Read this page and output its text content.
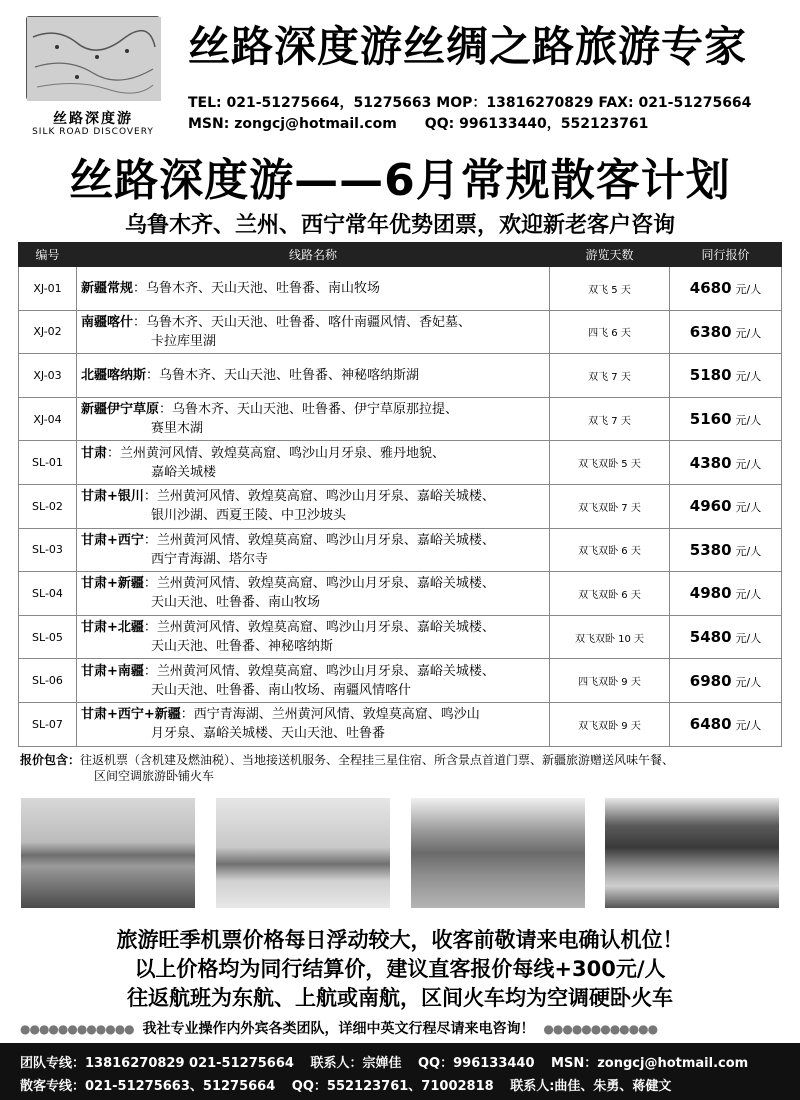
丝路深度游
SILK ROAD DISCOVERY
丝路深度游丝绸之路旅游专家
TEL: 021-51275664，51275663 MOP：13816270829 FAX: 021-51275664
MSN: zongcj@hotmail.com QQ: 996133440，552123761
丝路深度游——6月常规散客计划
乌鲁木齐、兰州、西宁常年优势团票，欢迎新老客户咨询
编号	线路名称	游览天数	同行报价
XJ-01	新疆常规：乌鲁木齐、天山天池、吐鲁番、南山牧场	双飞 5 天	4680 元/人
XJ-02	南疆喀什：乌鲁木齐、天山天池、吐鲁番、喀什南疆风情、香妃墓、
卡拉库里湖	四飞 6 天	6380 元/人
XJ-03	北疆喀纳斯：乌鲁木齐、天山天池、吐鲁番、神秘喀纳斯湖	双飞 7 天	5180 元/人
XJ-04	新疆伊宁草原：乌鲁木齐、天山天池、吐鲁番、伊宁草原那拉提、
赛里木湖	双飞 7 天	5160 元/人
SL-01	甘肃：兰州黄河风情、敦煌莫高窟、鸣沙山月牙泉、雅丹地貌、
嘉峪关城楼	双飞双卧 5 天	4380 元/人
SL-02	甘肃+银川：兰州黄河风情、敦煌莫高窟、鸣沙山月牙泉、嘉峪关城楼、
银川沙湖、西夏王陵、中卫沙坡头	双飞双卧 7 天	4960 元/人
SL-03	甘肃+西宁：兰州黄河风情、敦煌莫高窟、鸣沙山月牙泉、嘉峪关城楼、
西宁青海湖、塔尔寺	双飞双卧 6 天	5380 元/人
SL-04	甘肃+新疆：兰州黄河风情、敦煌莫高窟、鸣沙山月牙泉、嘉峪关城楼、
天山天池、吐鲁番、南山牧场	双飞双卧 6 天	4980 元/人
SL-05	甘肃+北疆：兰州黄河风情、敦煌莫高窟、鸣沙山月牙泉、嘉峪关城楼、
天山天池、吐鲁番、神秘喀纳斯	双飞双卧 10 天	5480 元/人
SL-06	甘肃+南疆：兰州黄河风情、敦煌莫高窟、鸣沙山月牙泉、嘉峪关城楼、
天山天池、吐鲁番、南山牧场、南疆风情喀什	四飞双卧 9 天	6980 元/人
SL-07	甘肃+西宁+新疆：西宁青海湖、兰州黄河风情、敦煌莫高窟、鸣沙山
月牙泉、嘉峪关城楼、天山天池、吐鲁番	双飞双卧 9 天	6480 元/人
报价包含：往返机票（含机建及燃油税）、当地接送机服务、全程挂三星住宿、所含景点首道门票、新疆旅游赠送风味午餐、
区间空调旅游卧铺火车
旅游旺季机票价格每日浮动较大，收客前敬请来电确认机位！
以上价格均为同行结算价，建议直客报价每线+300元/人
往返航班为东航、上航或南航，区间火车均为空调硬卧火车
●●●●●●●●●●●● 我社专业操作内外宾各类团队，详细中英文行程尽请来电咨询！ ●●●●●●●●●●●●
团队专线：13816270829 021-51275664 联系人：宗婵佳 QQ：996133440 MSN：zongcj@hotmail.com
散客专线：021-51275663、51275664 QQ：552123761、71002818 联系人:曲佳、朱勇、蒋健文
